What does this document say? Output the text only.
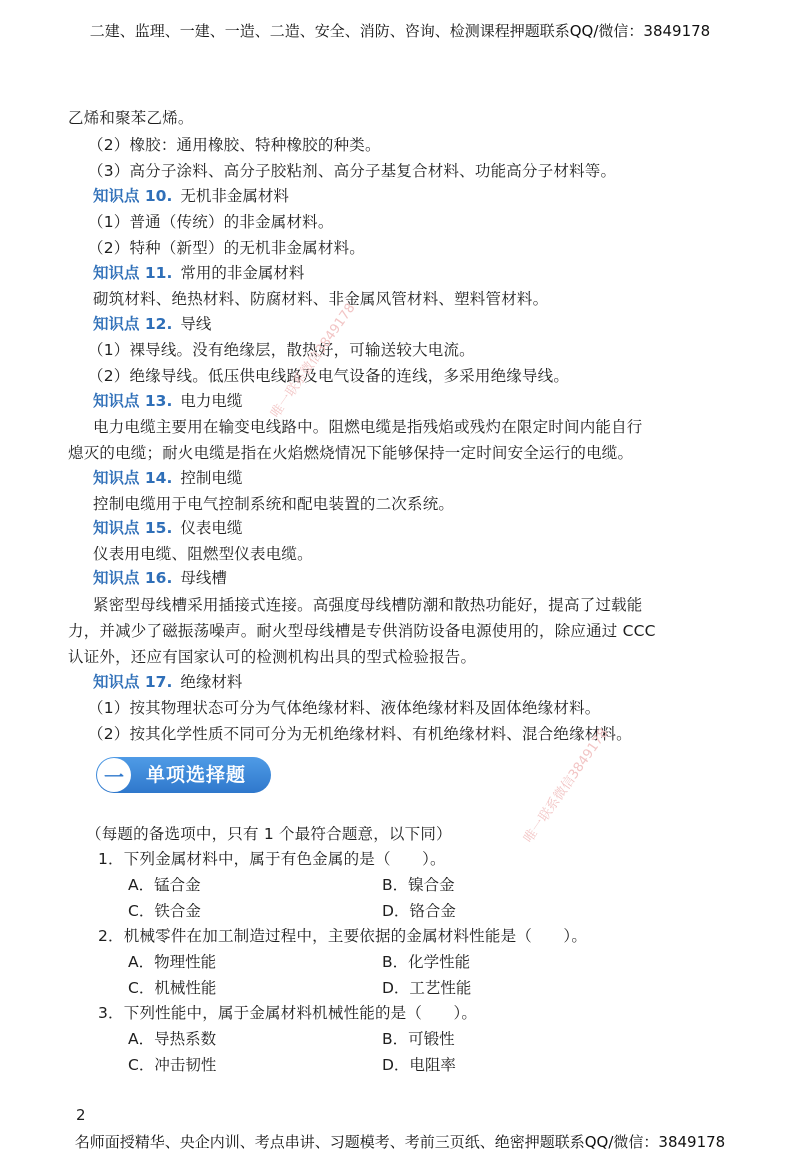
二建、监理、一建、一造、二造、安全、消防、咨询、检测课程押题联系QQ/微信：3849178
乙烯和聚苯乙烯。
（2）橡胶：通用橡胶、特种橡胶的种类。
（3）高分子涂料、高分子胶粘剂、高分子基复合材料、功能高分子材料等。
知识点 10. 无机非金属材料
（1）普通（传统）的非金属材料。
（2）特种（新型）的无机非金属材料。
知识点 11. 常用的非金属材料
砌筑材料、绝热材料、防腐材料、非金属风管材料、塑料管材料。
知识点 12. 导线
（1）裸导线。没有绝缘层，散热好，可输送较大电流。
（2）绝缘导线。低压供电线路及电气设备的连线，多采用绝缘导线。
知识点 13. 电力电缆
电力电缆主要用在输变电线路中。阻燃电缆是指残焰或残灼在限定时间内能自行
熄灭的电缆；耐火电缆是指在火焰燃烧情况下能够保持一定时间安全运行的电缆。
知识点 14. 控制电缆
控制电缆用于电气控制系统和配电装置的二次系统。
知识点 15. 仪表电缆
仪表用电缆、阻燃型仪表电缆。
知识点 16. 母线槽
紧密型母线槽采用插接式连接。高强度母线槽防潮和散热功能好，提高了过载能
力，并减少了磁振荡噪声。耐火型母线槽是专供消防设备电源使用的，除应通过 CCC
认证外，还应有国家认可的检测机构出具的型式检验报告。
知识点 17. 绝缘材料
（1）按其物理状态可分为气体绝缘材料、液体绝缘材料及固体绝缘材料。
（2）按其化学性质不同可分为无机绝缘材料、有机绝缘材料、混合绝缘材料。
一	单项选择题
（每题的备选项中，只有 1 个最符合题意，以下同）
1．下列金属材料中，属于有色金属的是（　　）。
A．锰合金	B．镍合金
C．铁合金	D．铬合金
2．机械零件在加工制造过程中，主要依据的金属材料性能是（　　）。
A．物理性能	B．化学性能
C．机械性能	D．工艺性能
3．下列性能中，属于金属材料机械性能的是（　　）。
A．导热系数	B．可锻性
C．冲击韧性	D．电阻率
唯一联系微信3849178
唯一联系微信3849178
2
名师面授精华、央企内训、考点串讲、习题模考、考前三页纸、绝密押题联系QQ/微信：3849178
